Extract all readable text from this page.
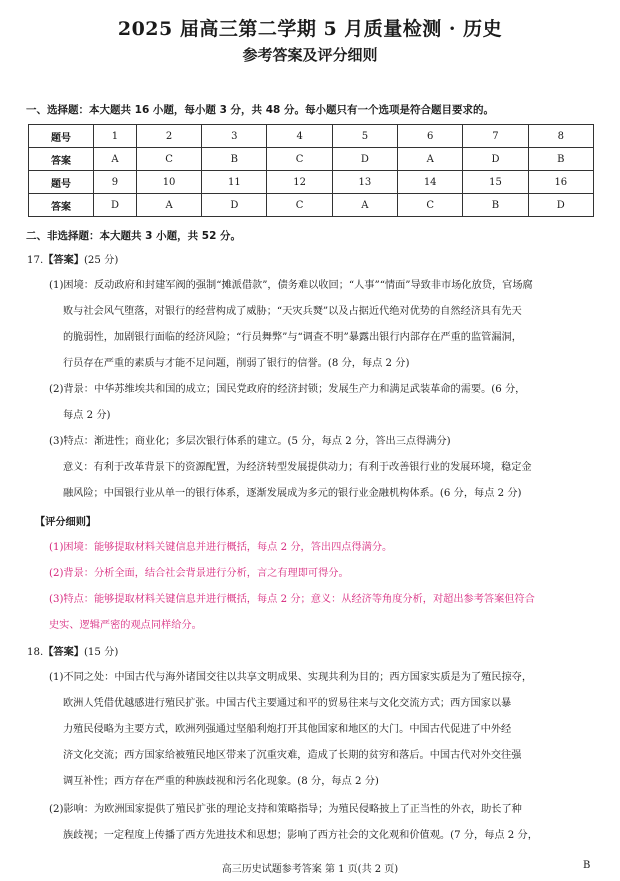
2025 届高三第二学期 5 月质量检测 · 历史
参考答案及评分细则
一、选择题：本大题共 16 小题，每小题 3 分，共 48 分。每小题只有一个选项是符合题目要求的。
题号	1	2	3	4	5	6	7	8
答案	A	C	B	C	D	A	D	B
题号	9	10	11	12	13	14	15	16
答案	D	A	D	C	A	C	B	D
二、非选择题：本大题共 3 小题，共 52 分。
17.【答案】(25 分)
(1)困境：反动政府和封建军阀的强制“摊派借款”，债务难以收回；“人事”“情面”导致非市场化放贷，官场腐
败与社会风气堕落，对银行的经营构成了威胁；“天灾兵燹”以及占据近代绝对优势的自然经济具有先天
的脆弱性，加剧银行面临的经济风险；“行员舞弊”与“调查不明”暴露出银行内部存在严重的监管漏洞，
行员存在严重的素质与才能不足问题，削弱了银行的信誉。(8 分，每点 2 分)
(2)背景：中华苏维埃共和国的成立；国民党政府的经济封锁；发展生产力和满足武装革命的需要。(6 分，
每点 2 分)
(3)特点：渐进性；商业化；多层次银行体系的建立。(5 分，每点 2 分，答出三点得满分)
意义：有利于改革背景下的资源配置，为经济转型发展提供动力；有利于改善银行业的发展环境，稳定金
融风险；中国银行业从单一的银行体系，逐渐发展成为多元的银行业金融机构体系。(6 分，每点 2 分)
【评分细则】
(1)困境：能够提取材料关键信息并进行概括，每点 2 分，答出四点得满分。
(2)背景：分析全面，结合社会背景进行分析，言之有理即可得分。
(3)特点：能够提取材料关键信息并进行概括，每点 2 分；意义：从经济等角度分析，对超出参考答案但符合
史实、逻辑严密的观点同样给分。
18.【答案】(15 分)
(1)不同之处：中国古代与海外诸国交往以共享文明成果、实现共利为目的；西方国家实质是为了殖民掠夺，
欧洲人凭借优越感进行殖民扩张。中国古代主要通过和平的贸易往来与文化交流方式；西方国家以暴
力殖民侵略为主要方式，欧洲列强通过坚船利炮打开其他国家和地区的大门。中国古代促进了中外经
济文化交流；西方国家给被殖民地区带来了沉重灾难，造成了长期的贫穷和落后。中国古代对外交往强
调互补性；西方存在严重的种族歧视和污名化现象。(8 分，每点 2 分)
(2)影响：为欧洲国家提供了殖民扩张的理论支持和策略指导；为殖民侵略披上了正当性的外衣，助长了种
族歧视；一定程度上传播了西方先进技术和思想；影响了西方社会的文化观和价值观。(7 分，每点 2 分，
高三历史试题参考答案 第 1 页(共 2 页)	B
